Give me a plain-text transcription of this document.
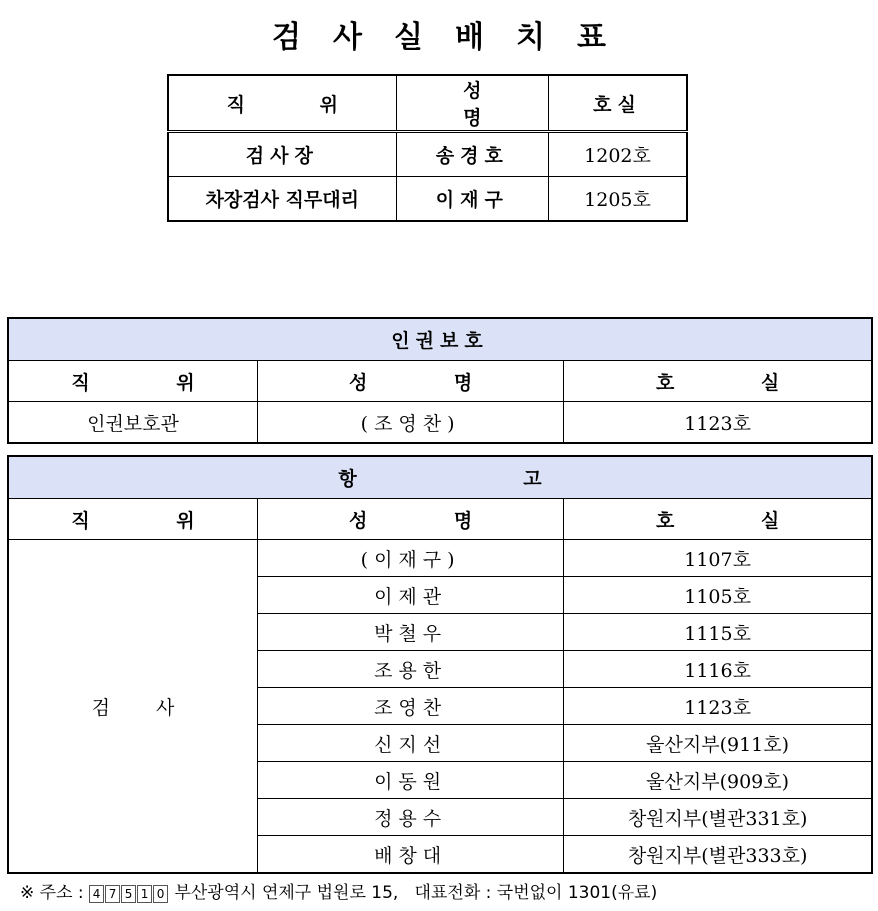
검사실배치표
직 위	성 명	호실
검사장	송경호	1202호
차장검사 직무대리	이재구	1205호
인권보호		
직 위	성 명	호 실
인권보호관	(조영찬)	1123호
항 고		
직 위	성 명	호 실
검 사	(이재구)	1107호
	이제관	1105호
	박철우	1115호
	조용한	1116호
	조영찬	1123호
	신지선	울산지부(911호)
	이동원	울산지부(909호)
	정용수	창원지부(별관331호)
	배창대	창원지부(별관333호)
※ 주소 : 4 7 5 1 0 부산광역시 연제구 법원로 15, 대표전화 : 국번없이 1301(유료)
